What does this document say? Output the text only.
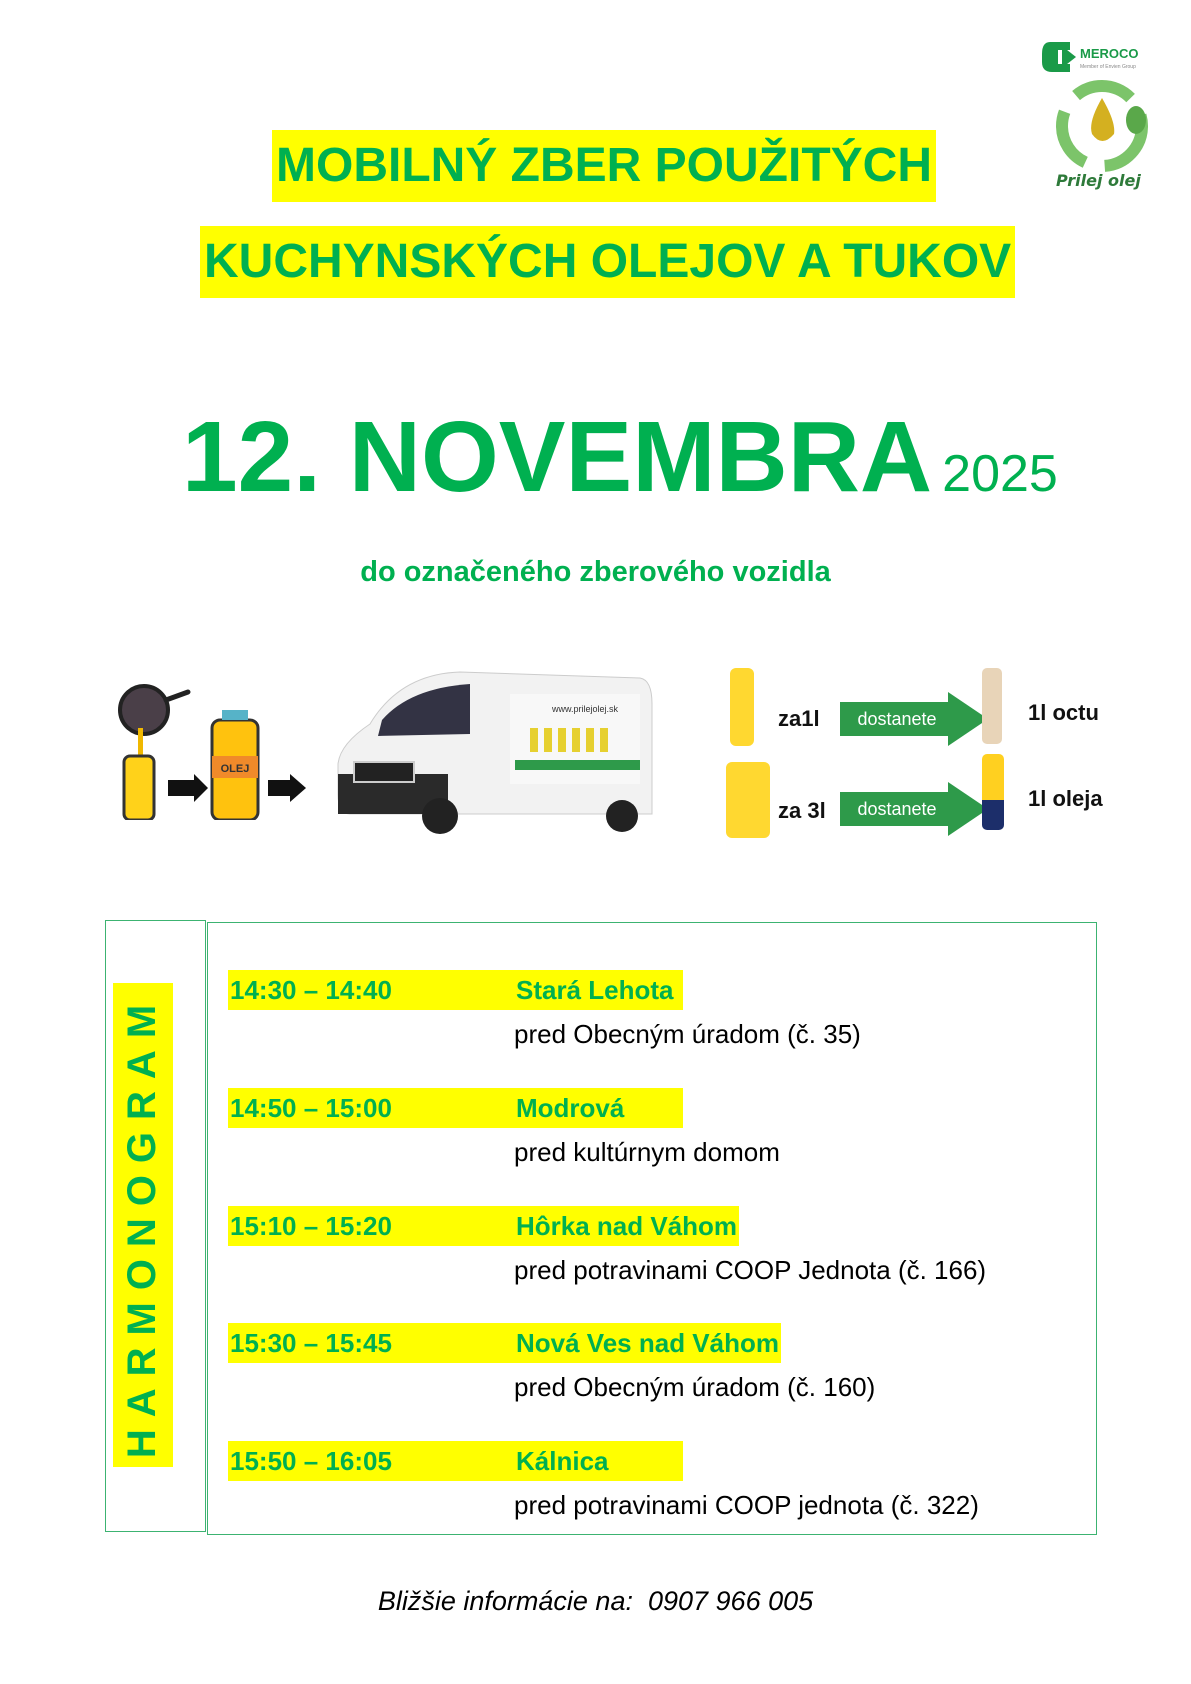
MEROCO
Member of Envien Group
Prilej olej
MOBILNÝ ZBER POUŽITÝCH
KUCHYNSKÝCH OLEJOV A TUKOV
12. NOVEMBRA 2025
do označeného zberového vozidla
OLEJ
www.prilejolej.sk	za1l	dostanete	1l octu
za 3l	dostanete	1l oleja
HARMONOGRAM
14:30 – 14:40	Stará Lehota
pred Obecným úradom (č. 35)
14:50 – 15:00	Modrová
pred kultúrnym domom
15:10 – 15:20	Hôrka nad Váhom
pred potravinami COOP Jednota (č. 166)
15:30 – 15:45	Nová Ves nad Váhom
pred Obecným úradom (č. 160)
15:50 – 16:05	Kálnica
pred potravinami COOP jednota (č. 322)
Bližšie informácie na:  0907 966 005
